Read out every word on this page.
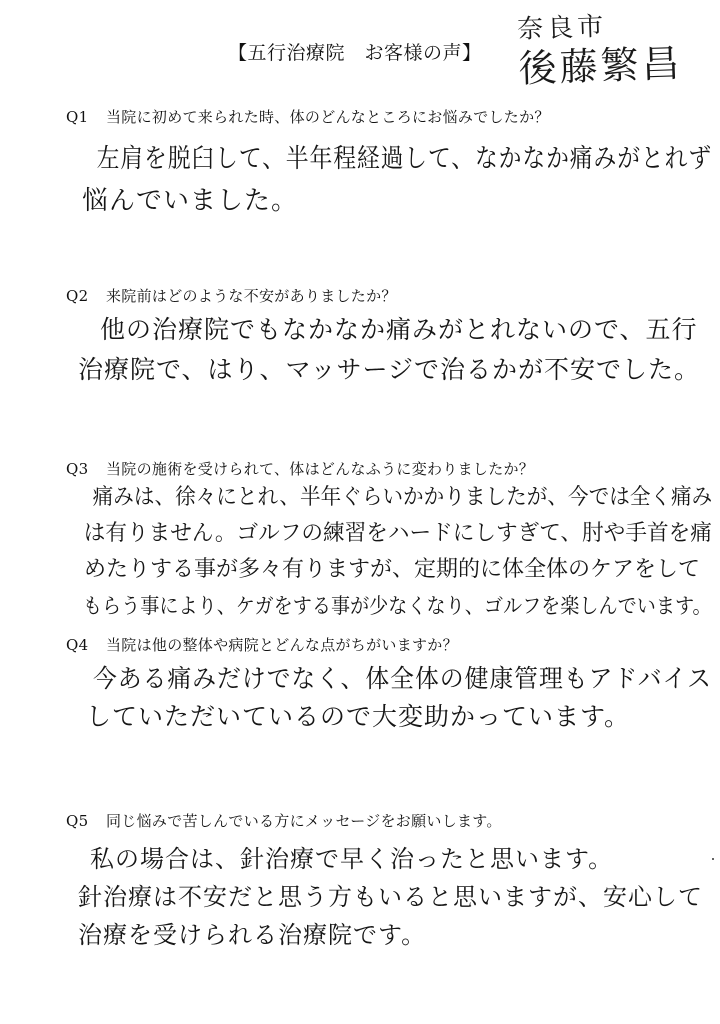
【五行治療院　お客様の声】
奈良市
後藤繁昌
Q1 当院に初めて来られた時、体のどんなところにお悩みでしたか？
左肩を脱臼して、半年程経過して、なかなか痛みがとれず
悩んでいました。
Q2 来院前はどのような不安がありましたか？
他の治療院でもなかなか痛みがとれないので、五行
治療院で、はり、マッサージで治るかが不安でした。
Q3 当院の施術を受けられて、体はどんなふうに変わりましたか？
痛みは、徐々にとれ、半年ぐらいかかりましたが、今では全く痛み
は有りません。ゴルフの練習をハードにしすぎて、肘や手首を痛
めたりする事が多々有りますが、定期的に体全体のケアをして
もらう事により、ケガをする事が少なくなり、ゴルフを楽しんでいます。
Q4 当院は他の整体や病院とどんな点がちがいますか？
今ある痛みだけでなく、体全体の健康管理もアドバイス
していただいているので大変助かっています。
Q5 同じ悩みで苦しんでいる方にメッセージをお願いします。
私の場合は、針治療で早く治ったと思います。
針治療は不安だと思う方もいると思いますが、安心して
治療を受けられる治療院です。
